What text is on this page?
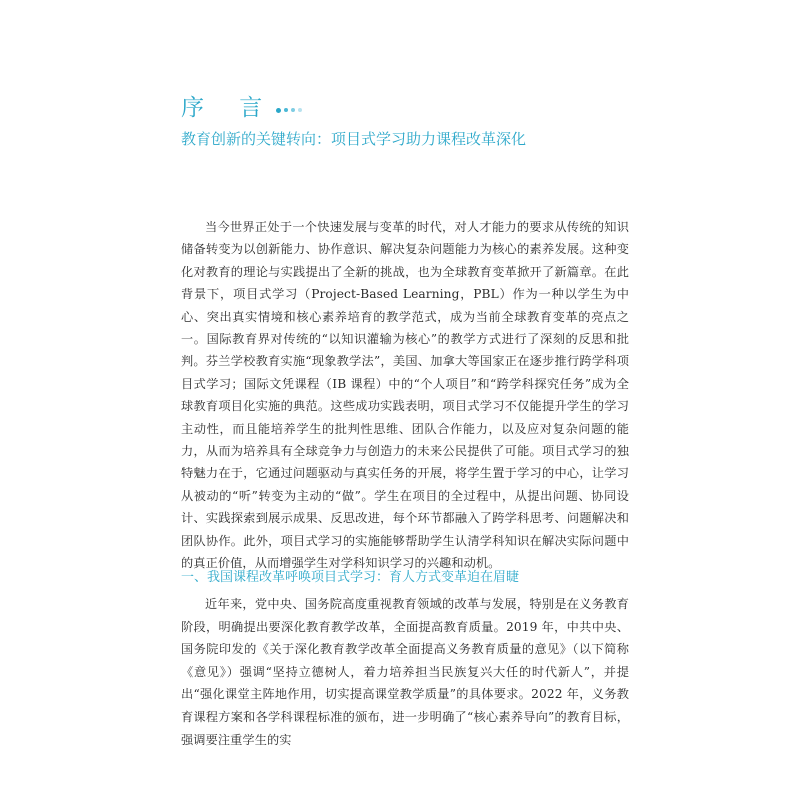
序 言
教育创新的关键转向：项目式学习助力课程改革深化

当今世界正处于一个快速发展与变革的时代，对人才能力的要求从传统的知识储备转变为以创新能力、协作意识、解决复杂问题能力为核心的素养发展。这种变化对教育的理论与实践提出了全新的挑战，也为全球教育变革掀开了新篇章。在此背景下，项目式学习（Project-Based Learning，PBL）作为一种以学生为中心、突出真实情境和核心素养培育的教学范式，成为当前全球教育变革的亮点之一。国际教育界对传统的“以知识灌输为核心”的教学方式进行了深刻的反思和批判。芬兰学校教育实施“现象教学法”，美国、加拿大等国家正在逐步推行跨学科项目式学习；国际文凭课程（IB 课程）中的“个人项目”和“跨学科探究任务”成为全球教育项目化实施的典范。这些成功实践表明，项目式学习不仅能提升学生的学习主动性，而且能培养学生的批判性思维、团队合作能力，以及应对复杂问题的能力，从而为培养具有全球竞争力与创造力的未来公民提供了可能。项目式学习的独特魅力在于，它通过问题驱动与真实任务的开展，将学生置于学习的中心，让学习从被动的“听”转变为主动的“做”。学生在项目的全过程中，从提出问题、协同设计、实践探索到展示成果、反思改进，每个环节都融入了跨学科思考、问题解决和团队协作。此外，项目式学习的实施能够帮助学生认清学科知识在解决实际问题中的真正价值，从而增强学生对学科知识学习的兴趣和动机。

一、我国课程改革呼唤项目式学习：育人方式变革迫在眉睫

近年来，党中央、国务院高度重视教育领域的改革与发展，特别是在义务教育阶段，明确提出要深化教育教学改革，全面提高教育质量。2019 年，中共中央、国务院印发的《关于深化教育教学改革全面提高义务教育质量的意见》（以下简称《意见》）强调“坚持立德树人，着力培养担当民族复兴大任的时代新人”，并提出“强化课堂主阵地作用，切实提高课堂教学质量”的具体要求。2022 年，义务教育课程方案和各学科课程标准的颁布，进一步明确了“核心素养导向”的教育目标，强调要注重学生的实
